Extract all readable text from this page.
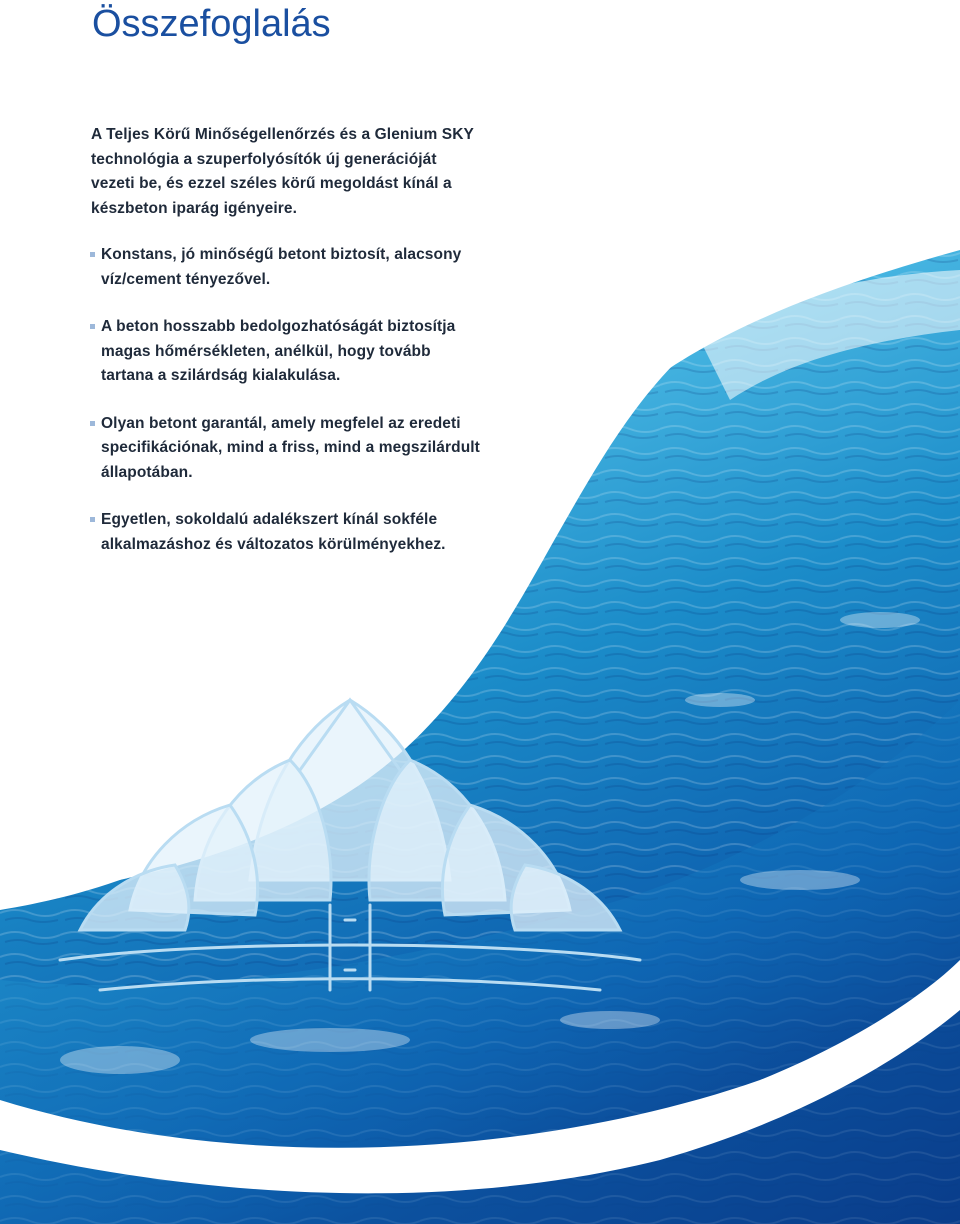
Összefoglalás

A Teljes Körű Minőségellenőrzés és a Glenium SKY technológia a szuperfolyósítók új generációját vezeti be, és ezzel széles körű megoldást kínál a készbeton iparág igényeire.

Konstans, jó minőségű betont biztosít, alacsony víz/cement tényezővel.
A beton hosszabb bedolgozhatóságát biztosítja magas hőmérsékleten, anélkül, hogy tovább tartana a szilárdság kialakulása.
Olyan betont garantál, amely megfelel az eredeti specifikációnak, mind a friss, mind a megszilárdult állapotában.
Egyetlen, sokoldalú adalékszert kínál sokféle alkalmazáshoz és változatos körülményekhez.
